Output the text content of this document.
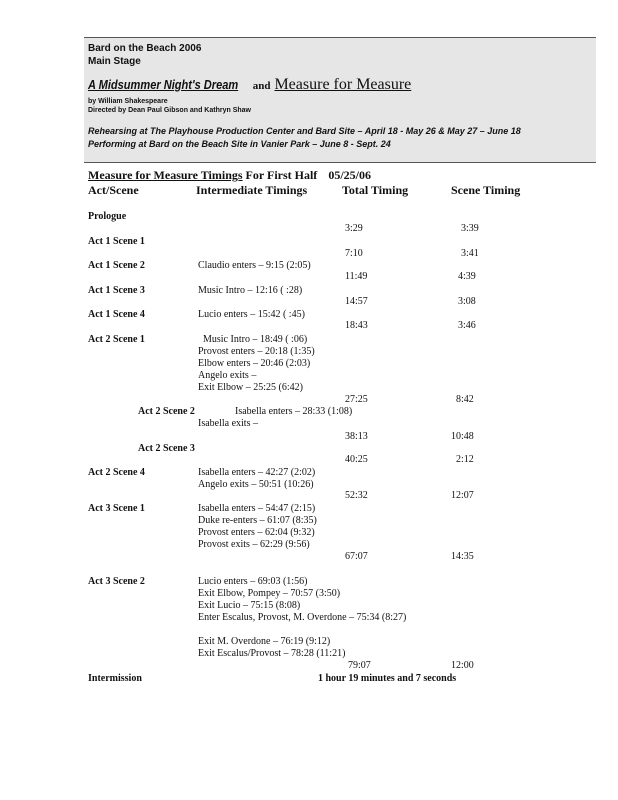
Bard on the Beach 2006
Main Stage
A Midsummer Night's Dream and Measure for Measure
by William Shakespeare
Directed by Dean Paul Gibson and Kathryn Shaw
Rehearsing at The Playhouse Production Center and Bard Site – April 18 - May 26 & May 27 – June 18
Performing at Bard on the Beach Site in Vanier Park – June 8 - Sept. 24
Measure for Measure Timings For First Half 05/25/06
Act/Scene	Intermediate Timings	Total Timing	Scene Timing
Prologue
3:29	3:39
Act 1 Scene 1
7:10	3:41
Act 1 Scene 2	Claudio enters – 9:15 (2:05)
11:49	4:39
Act 1 Scene 3	Music Intro – 12:16 ( :28)
14:57	3:08
Act 1 Scene 4	Lucio enters – 15:42 ( :45)
18:43	3:46
Act 2 Scene 1	Music Intro – 18:49 ( :06)
Provost enters – 20:18 (1:35)
Elbow enters – 20:46 (2:03)
Angelo exits –
Exit Elbow – 25:25 (6:42)
27:25	8:42
Act 2 Scene 2	Isabella enters – 28:33 (1:08)
Isabella exits –
38:13	10:48
Act 2 Scene 3
40:25	2:12
Act 2 Scene 4	Isabella enters – 42:27 (2:02)
Angelo exits – 50:51 (10:26)
52:32	12:07
Act 3 Scene 1	Isabella enters – 54:47 (2:15)
Duke re-enters – 61:07 (8:35)
Provost enters – 62:04 (9:32)
Provost exits – 62:29 (9:56)
67:07	14:35
Act 3 Scene 2	Lucio enters – 69:03 (1:56)
Exit Elbow, Pompey – 70:57 (3:50)
Exit Lucio – 75:15 (8:08)
Enter Escalus, Provost, M. Overdone – 75:34 (8:27)
Exit M. Overdone – 76:19 (9:12)
Exit Escalus/Provost – 78:28 (11:21)
79:07	12:00
Intermission	1 hour 19 minutes and 7 seconds
